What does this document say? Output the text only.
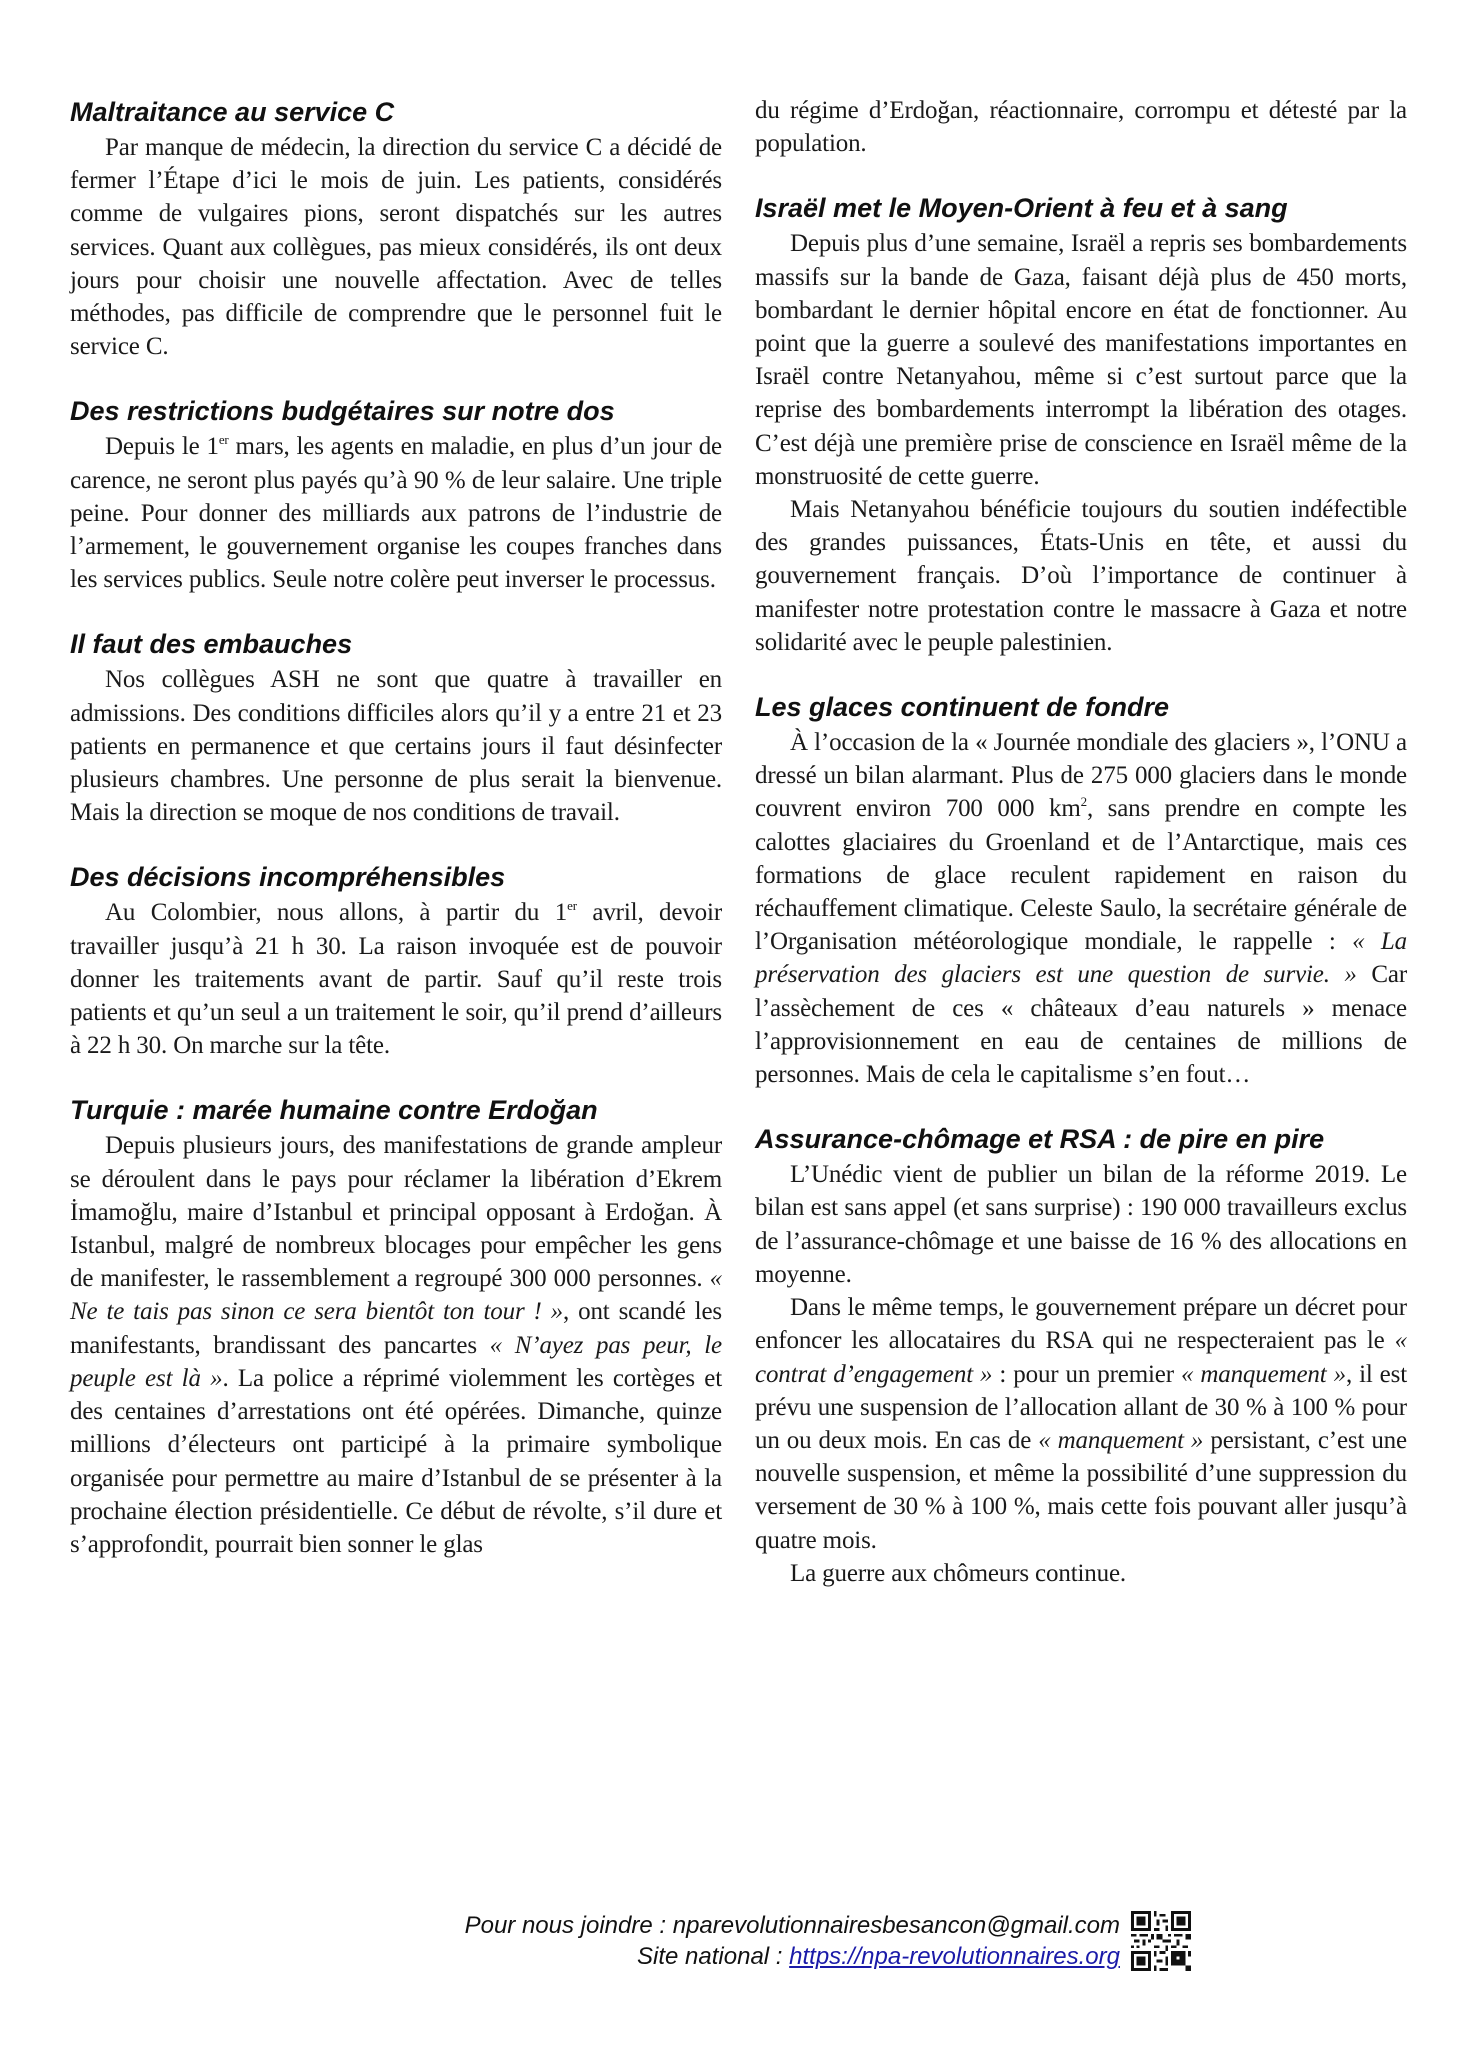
Maltraitance au service C

Par manque de médecin, la direction du service C a décidé de fermer l’Étape d’ici le mois de juin. Les patients, considérés comme de vulgaires pions, seront dispatchés sur les autres services. Quant aux collègues, pas mieux considérés, ils ont deux jours pour choisir une nouvelle affectation. Avec de telles méthodes, pas difficile de comprendre que le personnel fuit le service C.

Des restrictions budgétaires sur notre dos

Depuis le 1er mars, les agents en maladie, en plus d’un jour de carence, ne seront plus payés qu’à 90 % de leur salaire. Une triple peine. Pour donner des milliards aux patrons de l’industrie de l’armement, le gouvernement organise les coupes franches dans les services publics. Seule notre colère peut inverser le processus.

Il faut des embauches

Nos collègues ASH ne sont que quatre à travailler en admissions. Des conditions difficiles alors qu’il y a entre 21 et 23 patients en permanence et que certains jours il faut désinfecter plusieurs chambres. Une personne de plus serait la bienvenue. Mais la direction se moque de nos conditions de travail.

Des décisions incompréhensibles

Au Colombier, nous allons, à partir du 1er avril, devoir travailler jusqu’à 21 h 30. La raison invoquée est de pouvoir donner les traitements avant de partir. Sauf qu’il reste trois patients et qu’un seul a un traitement le soir, qu’il prend d’ailleurs à 22 h 30. On marche sur la tête.

Turquie : marée humaine contre Erdoğan

Depuis plusieurs jours, des manifestations de grande ampleur se déroulent dans le pays pour réclamer la libération d’Ekrem İmamoğlu, maire d’Istanbul et principal opposant à Erdoğan. À Istanbul, malgré de nombreux blocages pour empêcher les gens de manifester, le rassemblement a regroupé 300 000 personnes. « Ne te tais pas sinon ce sera bientôt ton tour ! », ont scandé les manifestants, brandissant des pancartes « N’ayez pas peur, le peuple est là ». La police a réprimé violemment les cortèges et des centaines d’arrestations ont été opérées. Dimanche, quinze millions d’électeurs ont participé à la primaire symbolique organisée pour permettre au maire d’Istanbul de se présenter à la prochaine élection présidentielle. Ce début de révolte, s’il dure et s’approfondit, pourrait bien sonner le glas

du régime d’Erdoğan, réactionnaire, corrompu et détesté par la population.

Israël met le Moyen-Orient à feu et à sang

Depuis plus d’une semaine, Israël a repris ses bombardements massifs sur la bande de Gaza, faisant déjà plus de 450 morts, bombardant le dernier hôpital encore en état de fonctionner. Au point que la guerre a soulevé des manifestations importantes en Israël contre Netanyahou, même si c’est surtout parce que la reprise des bombardements interrompt la libération des otages. C’est déjà une première prise de conscience en Israël même de la monstruosité de cette guerre.

Mais Netanyahou bénéficie toujours du soutien indéfectible des grandes puissances, États-Unis en tête, et aussi du gouvernement français. D’où l’importance de continuer à manifester notre protestation contre le massacre à Gaza et notre solidarité avec le peuple palestinien.

Les glaces continuent de fondre

À l’occasion de la « Journée mondiale des glaciers », l’ONU a dressé un bilan alarmant. Plus de 275 000 glaciers dans le monde couvrent environ 700 000 $km^2$, sans prendre en compte les calottes glaciaires du Groenland et de l’Antarctique, mais ces formations de glace reculent rapidement en raison du réchauffement climatique. Celeste Saulo, la secrétaire générale de l’Organisation météorologique mondiale, le rappelle : « La préservation des glaciers est une question de survie. » Car l’assèchement de ces « châteaux d’eau naturels » menace l’approvisionnement en eau de centaines de millions de personnes. Mais de cela le capitalisme s’en fout…

Assurance-chômage et RSA : de pire en pire

L’Unédic vient de publier un bilan de la réforme 2019. Le bilan est sans appel (et sans surprise) : 190 000 travailleurs exclus de l’assurance-chômage et une baisse de 16 % des allocations en moyenne.

Dans le même temps, le gouvernement prépare un décret pour enfoncer les allocataires du RSA qui ne respecteraient pas le « contrat d’engagement » : pour un premier « manquement », il est prévu une suspension de l’allocation allant de 30 % à 100 % pour un ou deux mois. En cas de « manquement » persistant, c’est une nouvelle suspension, et même la possibilité d’une suppression du versement de 30 % à 100 %, mais cette fois pouvant aller jusqu’à quatre mois.

La guerre aux chômeurs continue.

Pour nous joindre : nparevolutionnairesbesancon@gmail.com
Site national : https://npa-revolutionnaires.org
